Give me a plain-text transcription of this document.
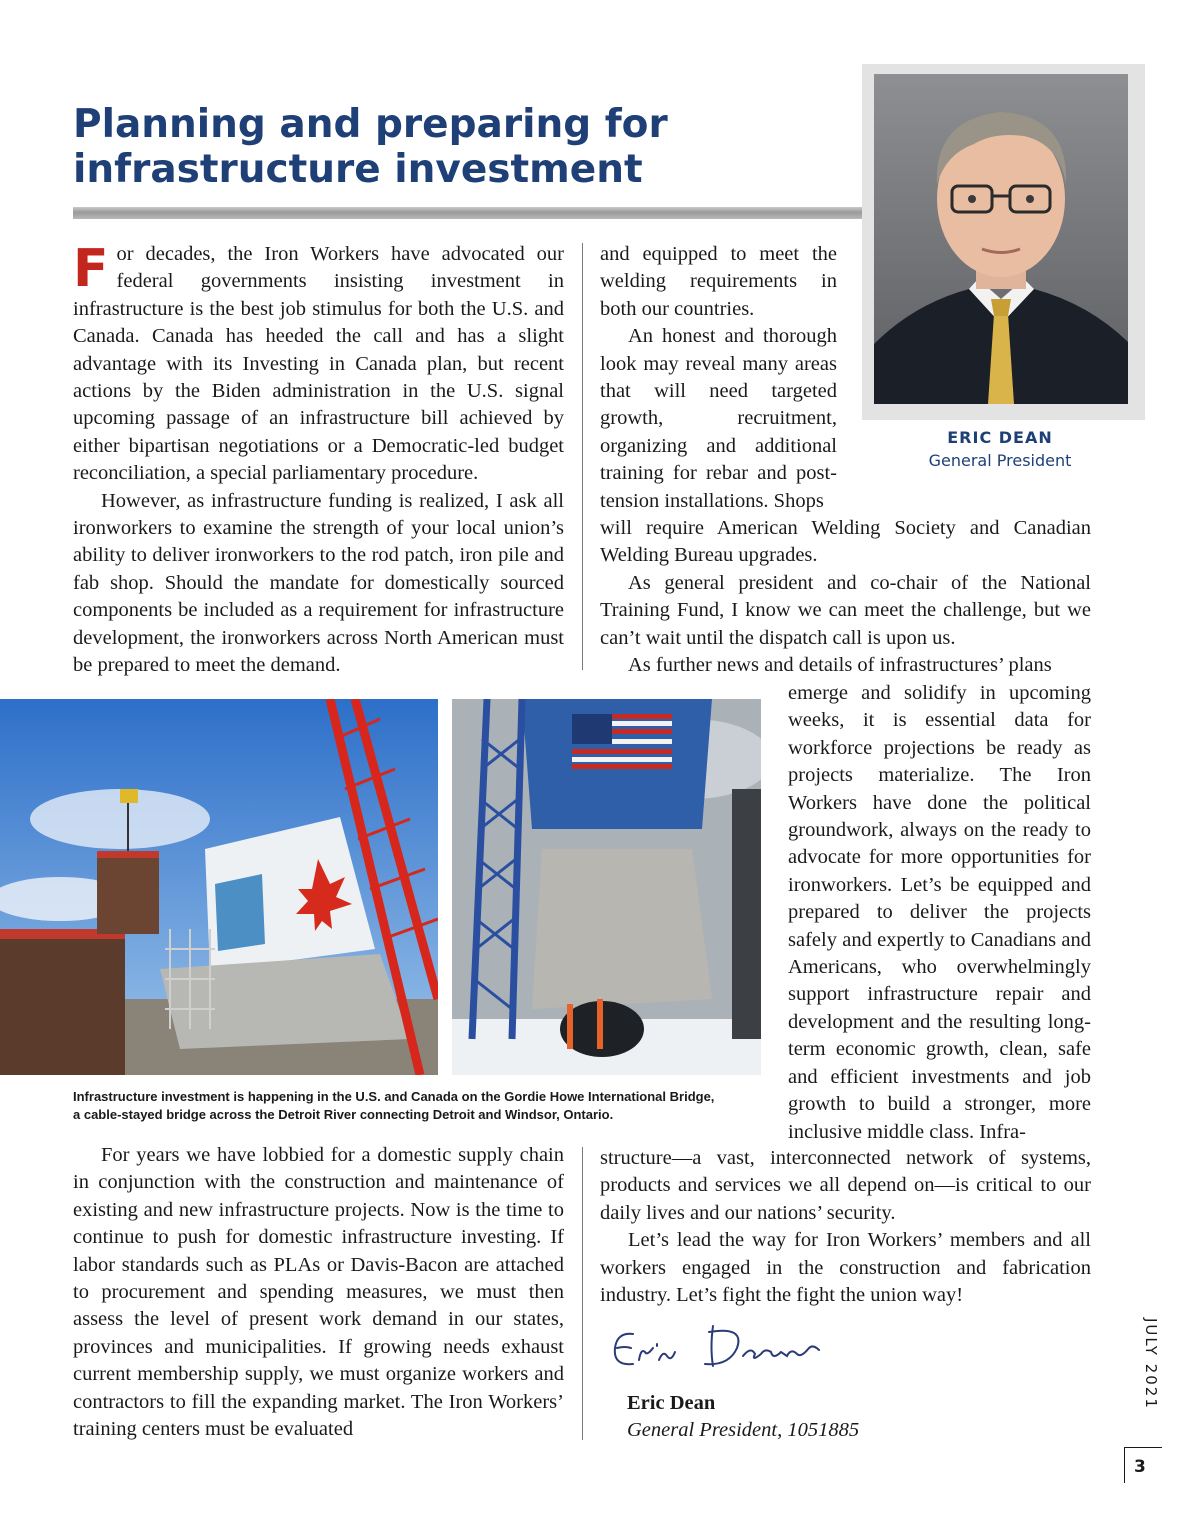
Planning and preparing for
infrastructure investment
ERIC DEAN
General President

For decades, the Iron Workers have advocated our federal governments insisting investment in infrastructure is the best job stimulus for both the U.S. and Canada. Canada has heeded the call and has a slight advantage with its Investing in Canada plan, but recent actions by the Biden administration in the U.S. signal upcoming passage of an infrastructure bill achieved by either bipartisan negotiations or a Democratic-led budget reconciliation, a special parliamentary procedure.

However, as infrastructure funding is realized, I ask all ironworkers to examine the strength of your local union’s ability to deliver ironworkers to the rod patch, iron pile and fab shop. Should the mandate for domestically sourced components be included as a requirement for infrastructure development, the ironworkers across North American must be prepared to meet the demand.

and equipped to meet the welding requirements in both our countries.

An honest and thorough look may reveal many areas that will need targeted growth, recruitment, organizing and additional training for rebar and post-tension installations. Shops

will require American Welding Society and Canadian Welding Bureau upgrades.

As general president and co-chair of the National Training Fund, I know we can meet the challenge, but we can’t wait until the dispatch call is upon us.

As further news and details of infrastructures’ plans

emerge and solidify in upcoming weeks, it is essential data for workforce projections be ready as projects materialize. The Iron Workers have done the political groundwork, always on the ready to advocate for more opportunities for ironworkers. Let’s be equipped and prepared to deliver the projects safely and expertly to Canadians and Americans, who overwhelmingly support infrastructure repair and development and the resulting long-term economic growth, clean, safe and efficient investments and job growth to build a stronger, more inclusive middle class. Infra-

Infrastructure investment is happening in the U.S. and Canada on the Gordie Howe International Bridge,
a cable-stayed bridge across the Detroit River connecting Detroit and Windsor, Ontario.

For years we have lobbied for a domestic supply chain in conjunction with the construction and maintenance of existing and new infrastructure projects. Now is the time to continue to push for domestic infrastructure investing. If labor standards such as PLAs or Davis-Bacon are attached to procurement and spending measures, we must then assess the level of present work demand in our states, provinces and municipalities. If growing needs exhaust current membership supply, we must organize workers and contractors to fill the expanding market. The Iron Workers’ training centers must be evaluated

structure—a vast, interconnected network of systems, products and services we all depend on—is critical to our daily lives and our nations’ security.

Let’s lead the way for Iron Workers’ members and all workers engaged in the construction and fabrication industry. Let’s fight the fight the union way!

Eric Dean
General President, 1051885
JULY 2021
3
